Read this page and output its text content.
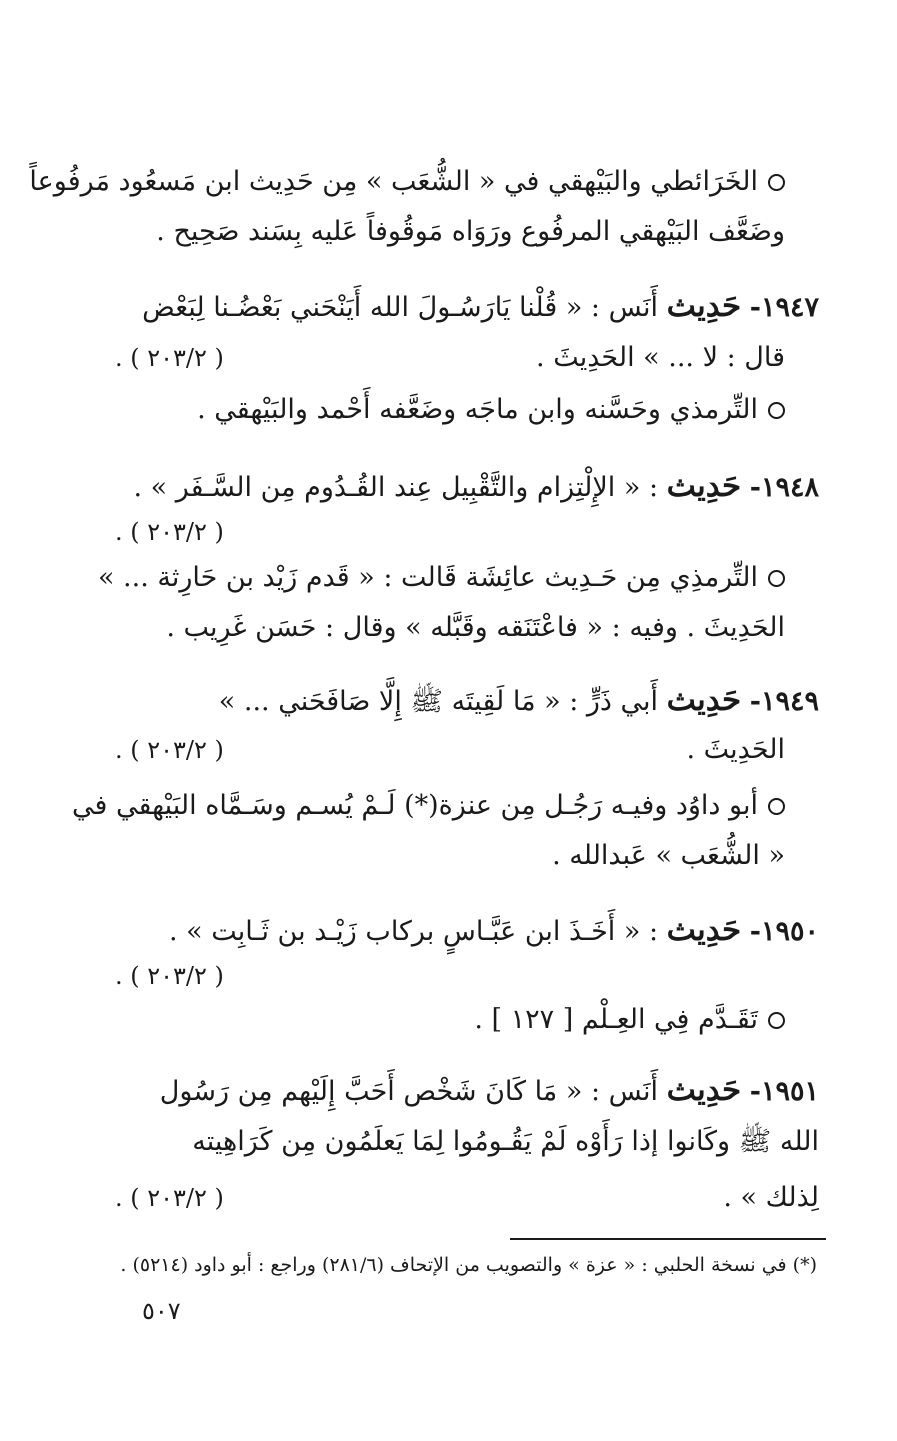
الخَرَائطي والبَيْهقي في « الشُّعَب » مِن حَدِيث ابن مَسعُود مَرفُوعاً
وضَعَّف البَيْهقي المرفُوع ورَوَاه مَوقُوفاً عَليه بِسَند صَحِيح .
١٩٤٧- حَدِيث أَنَس : « قُلْنا يَارَسُـولَ الله أَيَنْحَني بَعْضُـنا لِبَعْض
قال : لا ... » الحَدِيثَ .
. ( ٢٠٣/٢ )
التِّرمذي وحَسَّنه وابن ماجَه وضَعَّفه أَحْمد والبَيْهقي .
١٩٤٨- حَدِيث : « الإِلْتِزام والتَّقْبِيل عِند القُـدُوم مِن السَّـفَر » .
. ( ٢٠٣/٢ )
التِّرمذِي مِن حَـدِيث عائِشَة قَالت : « قَدم زَيْد بن حَارِثة ... »
الحَدِيثَ . وفيه : « فاعْتَنَقه وقَبَّله » وقال : حَسَن غَرِيب .
١٩٤٩- حَدِيث أَبي ذَرٍّ : « مَا لَقِيتَه ﷺ إِلَّا صَافَحَني ... »
الحَدِيثَ .
. ( ٢٠٣/٢ )
أبو داوُد وفيـه رَجُـل مِن عنزة(*) لَـمْ يُسـم وسَـمَّاه البَيْهقي في
« الشُّعَب » عَبدالله .
١٩٥٠- حَدِيث : « أَخَـذَ ابن عَبَّـاسٍ بركاب زَيْـد بن ثَـابِت » .
. ( ٢٠٣/٢ )
تَقَـدَّم فِي العِـلْم [ ١٢٧ ] .
١٩٥١- حَدِيث أَنَس : « مَا كَانَ شَخْص أَحَبَّ إِلَيْهم مِن رَسُول
الله ﷺ وكَانوا إذا رَأَوْه لَمْ يَقُـومُوا لِمَا يَعلَمُون مِن كَرَاهِيته
لِذلك » .
. ( ٢٠٣/٢ )
(*) في نسخة الحلبي : « عزة » والتصويب من الإتحاف (٢٨١/٦) وراجع : أبو داود (٥٢١٤) .
٥٠٧
